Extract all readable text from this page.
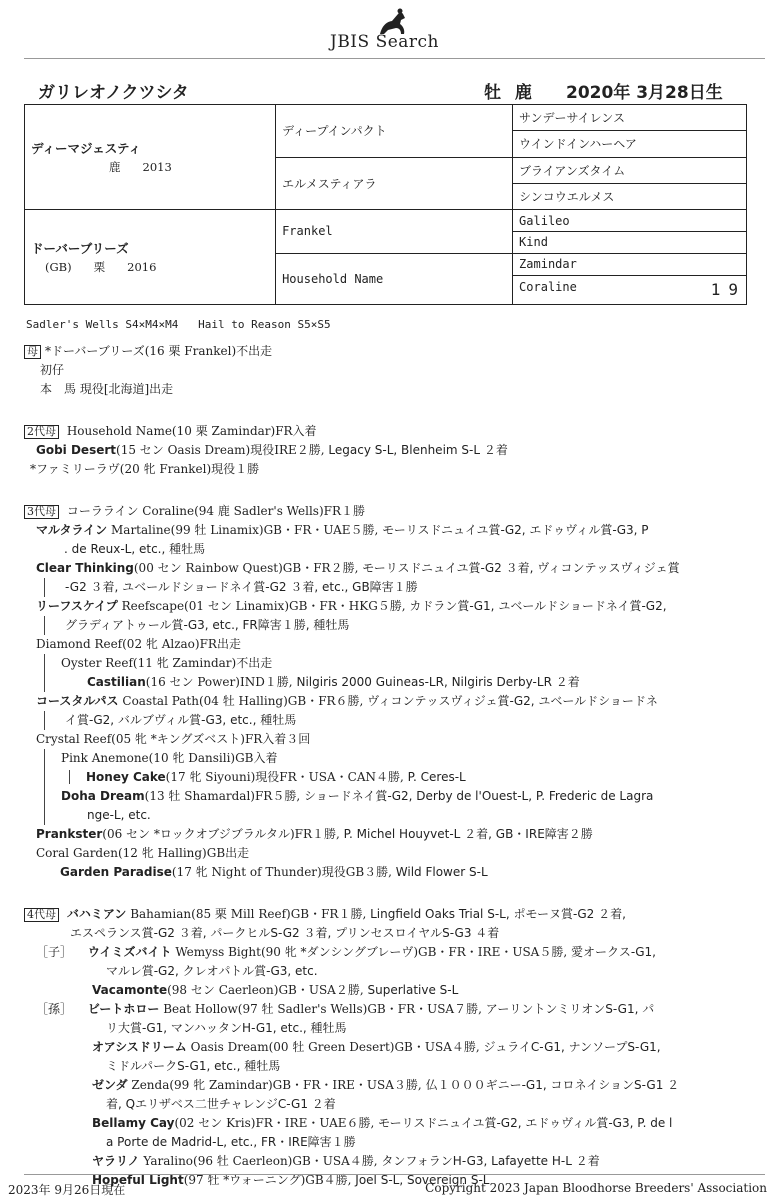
JBIS Search
ガリレオノクツシタ	牡 鹿 2020年 3月28日生
ディーマジェスティ
鹿 2013	ディープインパクト	サンデーサイレンス
		ウインドインハーヘア
	エルメスティアラ	ブライアンズタイム
		シンコウエルメス

ドーバーブリーズ
(GB) 栗 2016	Frankel	Galileo
		Kind
	Household Name	Zamindar
		Coraline 19
Sadler's Wells S4×M4×M4   Hail to Reason S5×S5
母 *ドーバーブリーズ(16 栗 Frankel)不出走
初仔
本　馬 現役[北海道]出走
2代母 Household Name(10 栗 Zamindar)FR入着
Gobi Desert(15 セン Oasis Dream)現役IRE２勝, Legacy S-L, Blenheim S-L ２着
*ファミリーラヴ(20 牝 Frankel)現役１勝
3代母 コーラライン Coraline(94 鹿 Sadler's Wells)FR１勝
マルタライン Martaline(99 牡 Linamix)GB・FR・UAE５勝, モーリスドニュイユ賞-G2, エドゥヴィル賞-G3, P
. de Reux-L, etc., 種牡馬
Clear Thinking(00 セン Rainbow Quest)GB・FR２勝, モーリスドニュイユ賞-G2 ３着, ヴィコンテッスヴィジェ賞
-G2 ３着, ユベールドショードネイ賞-G2 ３着, etc., GB障害１勝
リーフスケイプ Reefscape(01 セン Linamix)GB・FR・HKG５勝, カドラン賞-G1, ユベールドショードネイ賞-G2,
グラディアトゥール賞-G3, etc., FR障害１勝, 種牡馬
Diamond Reef(02 牝 Alzao)FR出走
Oyster Reef(11 牝 Zamindar)不出走
Castilian(16 セン Power)IND１勝, Nilgiris 2000 Guineas-LR, Nilgiris Derby-LR ２着
コースタルパス Coastal Path(04 牡 Halling)GB・FR６勝, ヴィコンテッスヴィジェ賞-G2, ユベールドショードネ
イ賞-G2, バルブヴィル賞-G3, etc., 種牡馬
Crystal Reef(05 牝 *キングズベスト)FR入着３回
Pink Anemone(10 牝 Dansili)GB入着
Honey Cake(17 牝 Siyouni)現役FR・USA・CAN４勝, P. Ceres-L
Doha Dream(13 牡 Shamardal)FR５勝, ショードネイ賞-G2, Derby de l'Ouest-L, P. Frederic de Lagra
nge-L, etc.
Prankster(06 セン *ロックオブジブラルタル)FR１勝, P. Michel Houyvet-L ２着, GB・IRE障害２勝
Coral Garden(12 牝 Halling)GB出走
Garden Paradise(17 牝 Night of Thunder)現役GB３勝, Wild Flower S-L
4代母 バハミアン Bahamian(85 栗 Mill Reef)GB・FR１勝, Lingfield Oaks Trial S-L, ポモーヌ賞-G2 ２着,
エスペランス賞-G2 ３着, パークヒルS-G2 ３着, プリンセスロイヤルS-G3 ４着
［子］ ウイミズバイト Wemyss Bight(90 牝 *ダンシングブレーヴ)GB・FR・IRE・USA５勝, 愛オークス-G1,
マルレ賞-G2, クレオパトル賞-G3, etc.
Vacamonte(98 セン Caerleon)GB・USA２勝, Superlative S-L
［孫］ ビートホロー Beat Hollow(97 牡 Sadler's Wells)GB・FR・USA７勝, アーリントンミリオンS-G1, パ
リ大賞-G1, マンハッタンH-G1, etc., 種牡馬
オアシスドリーム Oasis Dream(00 牡 Green Desert)GB・USA４勝, ジュライC-G1, ナンソープS-G1,
ミドルパークS-G1, etc., 種牡馬
ゼンダ Zenda(99 牝 Zamindar)GB・FR・IRE・USA３勝, 仏１０００ギニー-G1, コロネイションS-G1 ２
着, Qエリザベス二世チャレンジC-G1 ２着
Bellamy Cay(02 セン Kris)FR・IRE・UAE６勝, モーリスドニュイユ賞-G2, エドゥヴィル賞-G3, P. de l
a Porte de Madrid-L, etc., FR・IRE障害１勝
ヤラリノ Yaralino(96 牡 Caerleon)GB・USA４勝, タンフォランH-G3, Lafayette H-L ２着
Hopeful Light(97 牡 *ウォーニング)GB４勝, Joel S-L, Sovereign S-L
2023年 9月26日現在	Copyright 2023 Japan Bloodhorse Breeders' Association
